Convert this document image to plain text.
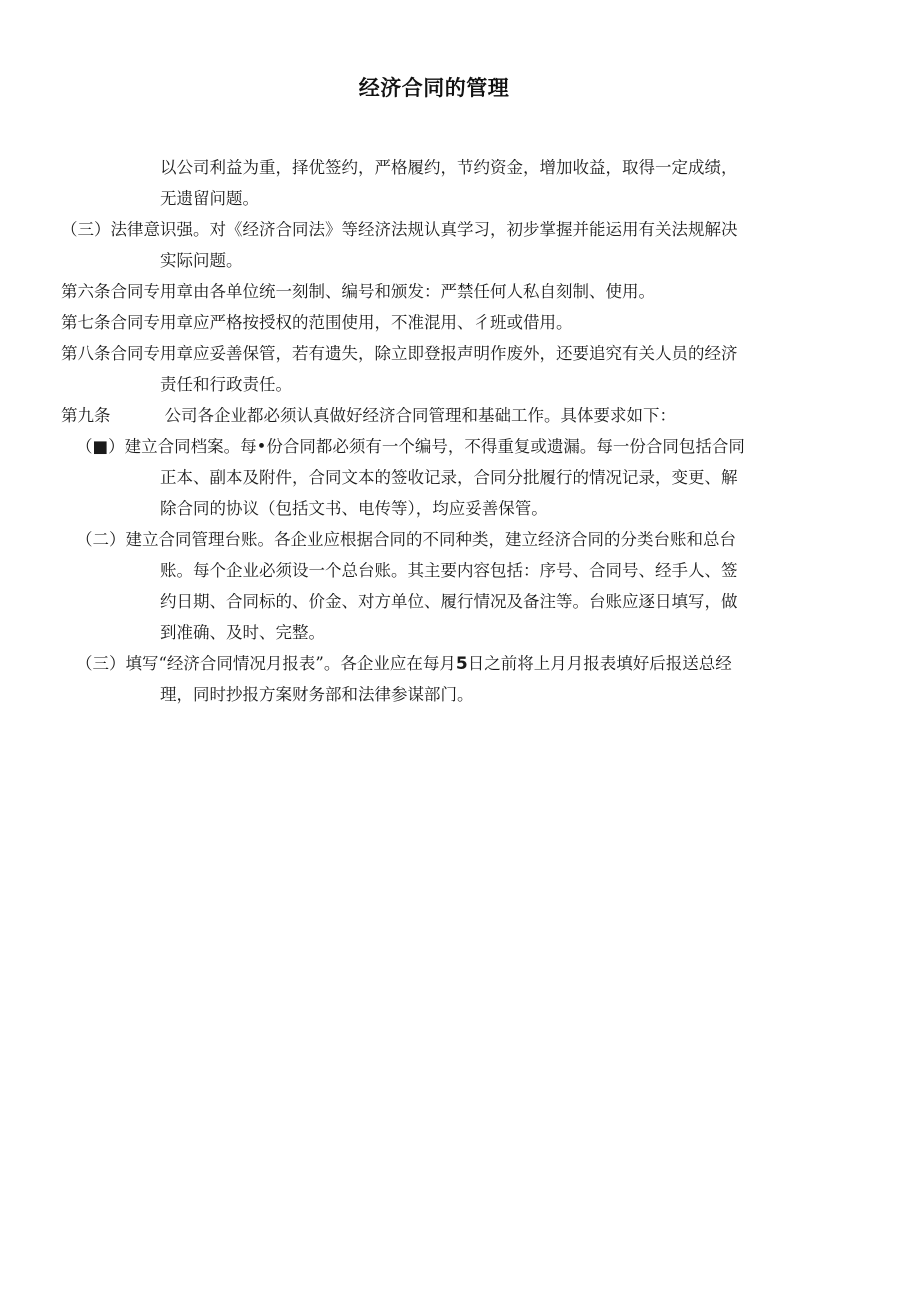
经济合同的管理
以公司利益为重，择优签约，严格履约，节约资金，增加收益，取得一定成绩，
无遗留问题。
（三）法律意识强。对《经济合同法》等经济法规认真学习，初步掌握并能运用有关法规解决
实际问题。
第六条合同专用章由各单位统一刻制、编号和颁发：严禁任何人私自刻制、使用。
第七条合同专用章应严格按授权的范围使用，不准混用、彳班或借用。
第八条合同专用章应妥善保管，若有遗失，除立即登报声明作废外，还要追究有关人员的经济
责任和行政责任。
第九条	公司各企业都必须认真做好经济合同管理和基础工作。具体要求如下：
（■）建立合同档案。每•份合同都必须有一个编号，不得重复或遗漏。每一份合同包括合同
正本、副本及附件，合同文本的签收记录，合同分批履行的情况记录，变更、解
除合同的协议（包括文书、电传等），均应妥善保管。
（二）建立合同管理台账。各企业应根据合同的不同种类，建立经济合同的分类台账和总台
账。每个企业必须设一个总台账。其主要内容包括：序号、合同号、经手人、签
约日期、合同标的、价金、对方单位、履行情况及备注等。台账应逐日填写，做
到准确、及时、完整。
（三）填写“经济合同情况月报表”。各企业应在每月5日之前将上月月报表填好后报送总经
理，同时抄报方案财务部和法律参谋部门。
